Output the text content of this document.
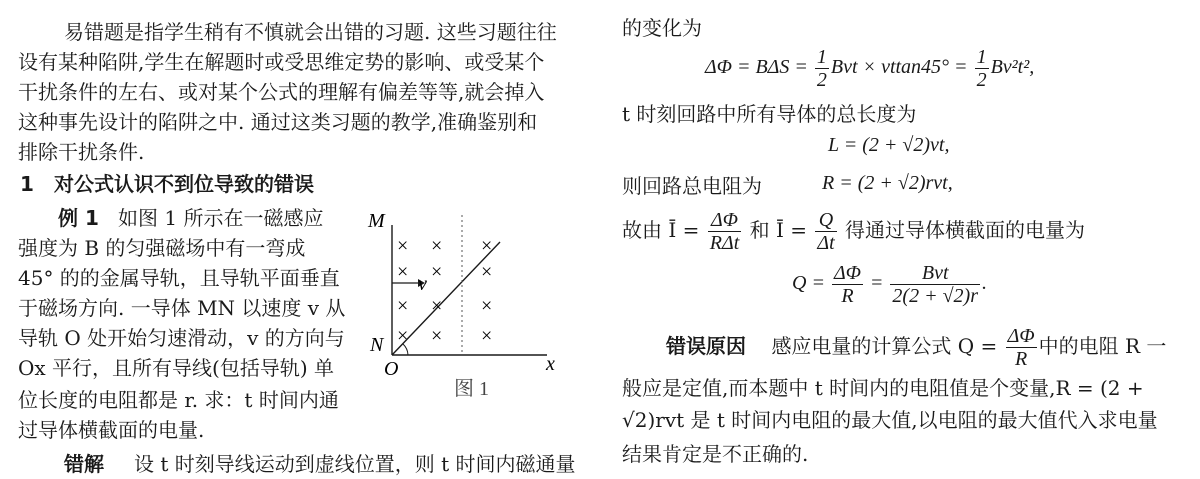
易错题是指学生稍有不慎就会出错的习题. 这些习题往往
设有某种陷阱,学生在解题时或受思维定势的影响、或受某个
干扰条件的左右、或对某个公式的理解有偏差等等,就会掉入
这种事先设计的陷阱之中. 通过这类习题的教学,准确鉴别和
排除干扰条件.
1 对公式认识不到位导致的错误
例 1 如图 1 所示在一磁感应
强度为 B 的匀强磁场中有一弯成
45° 的的金属导轨，且导轨平面垂直
于磁场方向. 一导体 MN 以速度 v 从
导轨 O 处开始匀速滑动，v 的方向与
Ox 平行，且所有导线(包括导轨) 单
位长度的电阻都是 r. 求：t 时间内通
过导体横截面的电量.
错解 设 t 时刻导线运动到虚线位置，则 t 时间内磁通量
× × ×
× × ×
× × ×
× × ×
M
N
O	x
v
图 1
的变化为
$\Delta\Phi = B\Delta S = \frac{1}{2}$ Bvt × $vttan45^\circ = \frac{1}{2} Bv^2t^2$,
t 时刻回路中所有导体的总长度为
L = (2 + √2)vt,
则回路总电阻为	R = (2 + √2)rvt,
故由 Ī = $\frac{\Delta\Phi}{\text{RΔt}}$ 和 Ī = $\frac{Q}{\Delta t}$ 得通过导体横截面的电量为
$Q = \frac{\Delta\Phi}{R} = \frac{\text{Bvt}}{2(2 + √2)r}$ .
错误原因 感应电量的计算公式 $Q = \frac{\Delta\Phi}{R}$ 中的电阻 R 一
般应是定值,而本题中 t 时间内的电阻值是个变量,R = (2 +
√2)rvt 是 t 时间内电阻的最大值,以电阻的最大值代入求电量
结果肯定是不正确的.
